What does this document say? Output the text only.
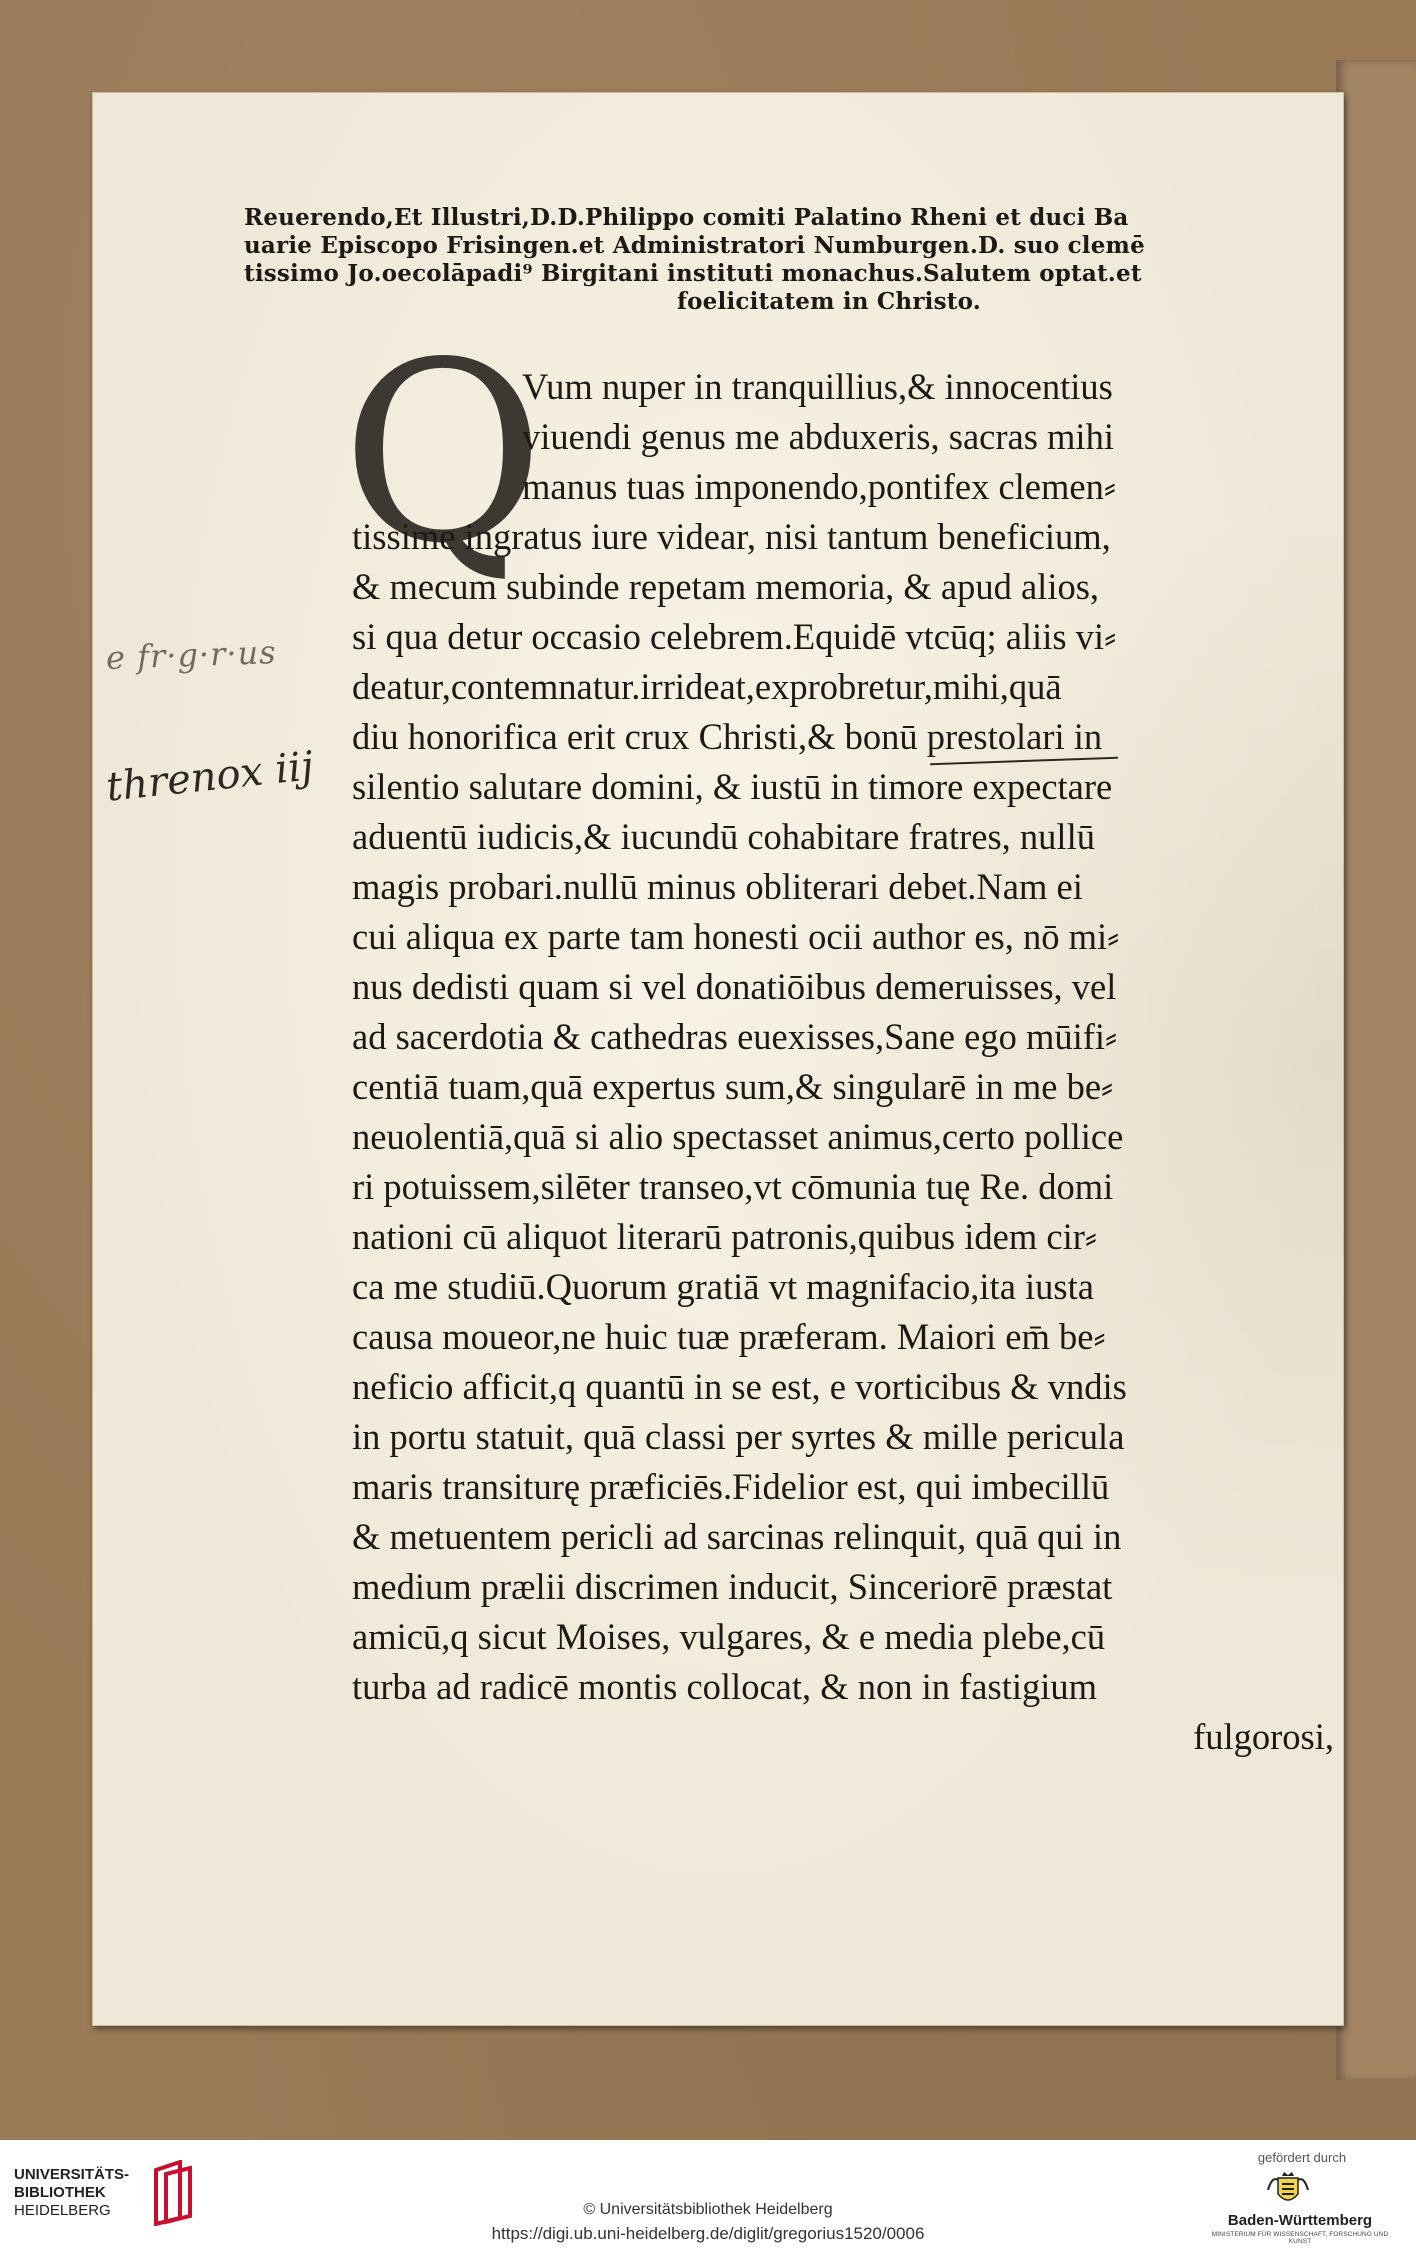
Reuerendo,Et Illustri,D.D.Philippo comiti Palatino Rheni et duci Ba
uarie Episcopo Frisingen.et Administratori Numburgen.D. suo clemē
tissimo Jo.oecolāpadi⁹ Birgitani instituti monachus.Salutem optat.et
foelicitatem in Christo.
Q
e fr·g·r·us
threnox iij
Vum nuper in tranquillius,& innocentius
viuendi genus me abduxeris, sacras mihi
manus tuas imponendo,pontifex clemen⸗
tissime ingratus iure videar, nisi tantum beneficium,
& mecum subinde repetam memoria, & apud alios,
si qua detur occasio celebrem.Equidē vtcūq; aliis vi⸗
deatur,contemnatur.irrideat,exprobretur,mihi,quā
diu honorifica erit crux Christi,& bonū prestolari in
silentio salutare domini, & iustū in timore expectare
aduentū iudicis,& iucundū cohabitare fratres, nullū
magis probari.nullū minus obliterari debet.Nam ei
cui aliqua ex parte tam honesti ocii author es, nō mi⸗
nus dedisti quam si vel donatiōibus demeruisses, vel
ad sacerdotia & cathedras euexisses,Sane ego mūifi⸗
centiā tuam,quā expertus sum,& singularē in me be⸗
neuolentiā,quā si alio spectasset animus,certo pollice
ri potuissem,silēter transeo,vt cōmunia tuę Re. domi
nationi cū aliquot literarū patronis,quibus idem cir⸗
ca me studiū.Quorum gratiā vt magnifacio,ita iusta
causa moueor,ne huic tuæ præferam. Maiori em̄ be⸗
neficio afficit,q quantū in se est, e vorticibus & vndis
in portu statuit, quā classi per syrtes & mille pericula
maris transiturę præficiēs.Fidelior est, qui imbecillū
& metuentem pericli ad sarcinas relinquit, quā qui in
medium prælii discrimen inducit, Sinceriorē præstat
amicū,q sicut Moises, vulgares, & e media plebe,cū
turba ad radicē montis collocat, & non in fastigium
fulgorosi,
UNIVERSITÄTS-
BIBLIOTHEK
HEIDELBERG	© Universitätsbibliothek Heidelberg
https://digi.ub.uni-heidelberg.de/diglit/gregorius1520/0006
gefördert durch
Baden-Württemberg
MINISTERIUM FÜR WISSENSCHAFT, FORSCHUNG UND KUNST
